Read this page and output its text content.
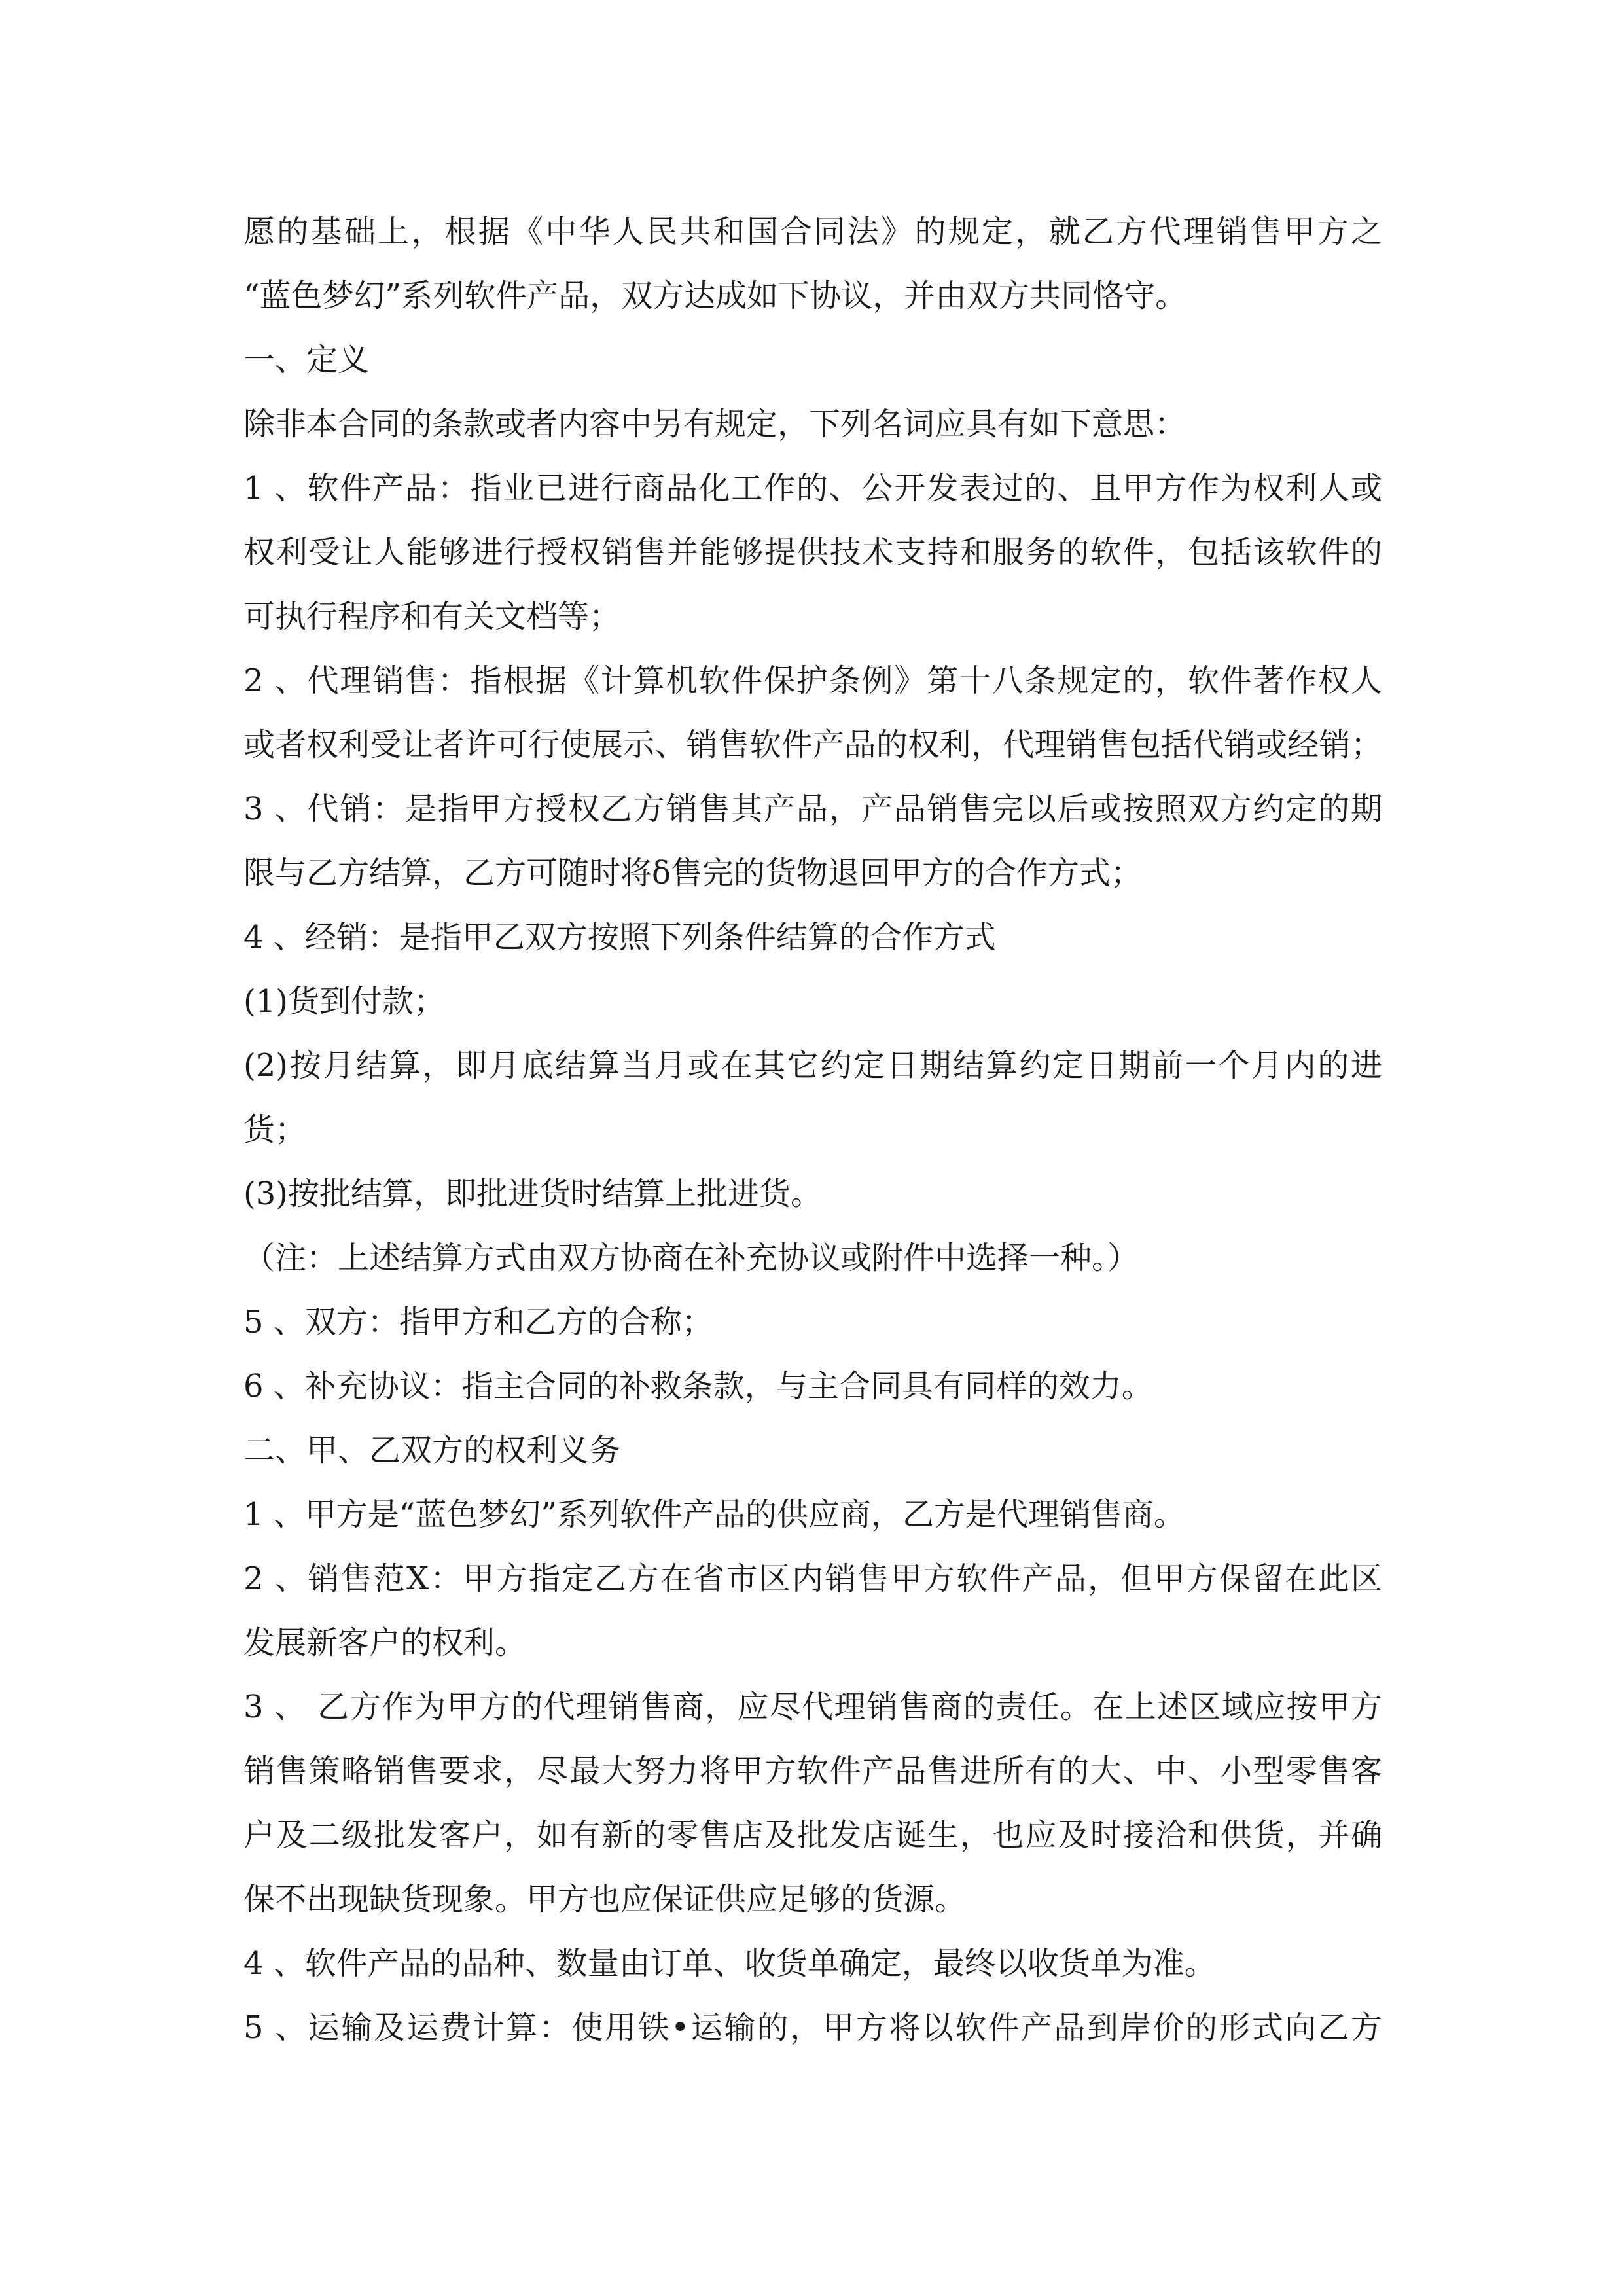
愿的基础上，根据《中华人民共和国合同法》的规定，就乙方代理销售甲方之
“蓝色梦幻”系列软件产品，双方达成如下协议，并由双方共同恪守。
一、定义
除非本合同的条款或者内容中另有规定，下列名词应具有如下意思：
1 、软件产品：指业已进行商品化工作的、公开发表过的、且甲方作为权利人或
权利受让人能够进行授权销售并能够提供技术支持和服务的软件，包括该软件的
可执行程序和有关文档等；
2 、代理销售：指根据《计算机软件保护条例》第十八条规定的，软件著作权人
或者权利受让者许可行使展示、销售软件产品的权利，代理销售包括代销或经销；
3 、代销：是指甲方授权乙方销售其产品，产品销售完以后或按照双方约定的期
限与乙方结算，乙方可随时将δ售完的货物退回甲方的合作方式；
4 、经销：是指甲乙双方按照下列条件结算的合作方式
(1)货到付款；
(2)按月结算，即月底结算当月或在其它约定日期结算约定日期前一个月内的进
货；
(3)按批结算，即批进货时结算上批进货。
（注：上述结算方式由双方协商在补充协议或附件中选择一种。）
5 、双方：指甲方和乙方的合称；
6 、补充协议：指主合同的补救条款，与主合同具有同样的效力。
二、甲、乙双方的权利义务
1 、甲方是“蓝色梦幻”系列软件产品的供应商，乙方是代理销售商。
2 、销售范X：甲方指定乙方在省市区内销售甲方软件产品，但甲方保留在此区
发展新客户的权利。
3 、 乙方作为甲方的代理销售商，应尽代理销售商的责任。在上述区域应按甲方
销售策略销售要求，尽最大努力将甲方软件产品售进所有的大、中、小型零售客
户及二级批发客户，如有新的零售店及批发店诞生，也应及时接洽和供货，并确
保不出现缺货现象。甲方也应保证供应足够的货源。
4 、软件产品的品种、数量由订单、收货单确定，最终以收货单为准。
5 、运输及运费计算：使用铁•运输的，甲方将以软件产品到岸价的形式向乙方
